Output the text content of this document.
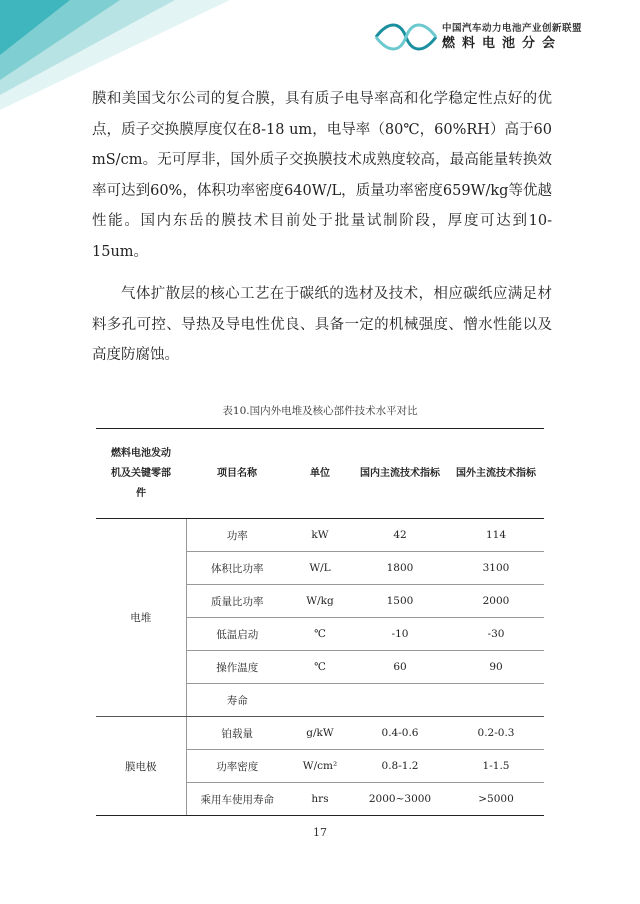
中国汽车动力电池产业创新联盟
燃料电池分会

膜和美国戈尔公司的复合膜，具有质子电导率高和化学稳定性点好的优点，质子交换膜厚度仅在8-18 um，电导率（80℃，60%RH）高于60 mS/cm。无可厚非，国外质子交换膜技术成熟度较高，最高能量转换效率可达到60%，体积功率密度640W/L，质量功率密度659W/kg等优越性能。国内东岳的膜技术目前处于批量试制阶段，厚度可达到10-15um。

气体扩散层的核心工艺在于碳纸的选材及技术，相应碳纸应满足材料多孔可控、导热及导电性优良、具备一定的机械强度、憎水性能以及高度防腐蚀。

表10.国内外电堆及核心部件技术水平对比
燃料电池发动机及关键零部件	项目名称	单位	国内主流技术指标	国外主流技术指标
电堆	功率	kW	42	114
	体积比功率	W/L	1800	3100
	质量比功率	W/kg	1500	2000
	低温启动	℃	-10	-30
	操作温度	℃	60	90
	寿命			
膜电极	铂载量	g/kW	0.4-0.6	0.2-0.3
	功率密度	W/cm²	0.8-1.2	1-1.5
	乘用车使用寿命	hrs	2000~3000	>5000
17
